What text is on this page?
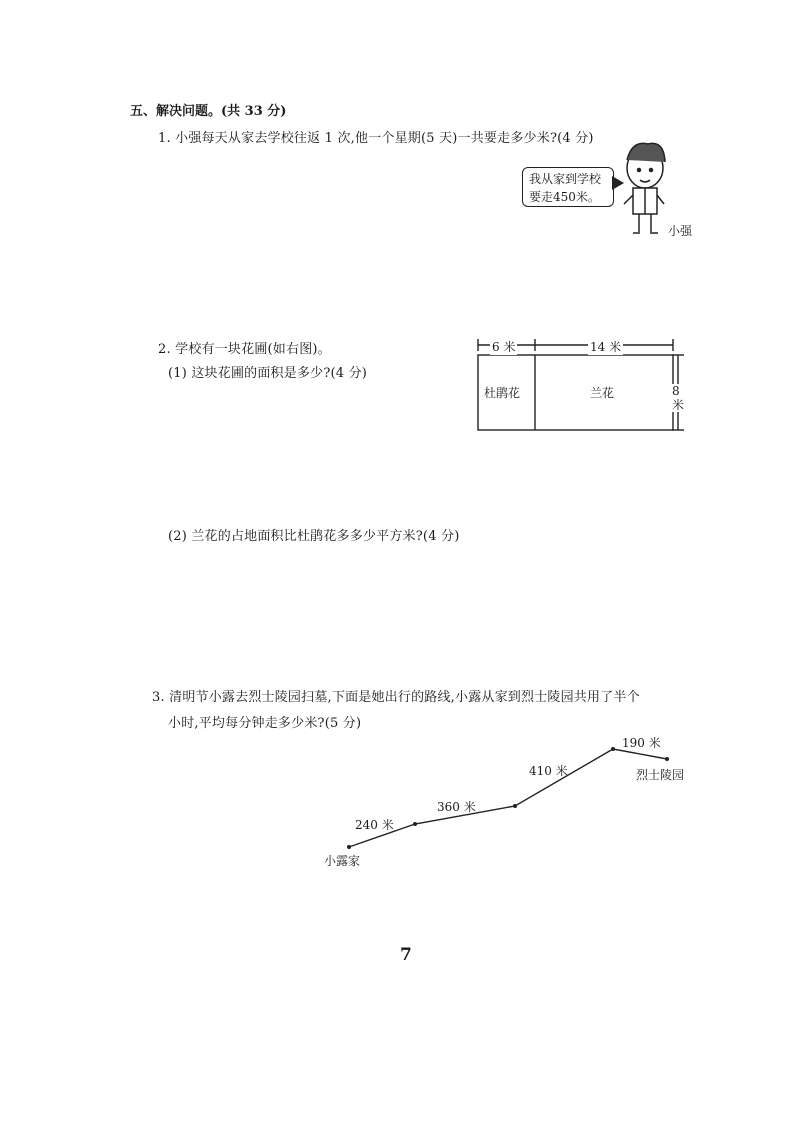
五、解决问题。(共 33 分)
1. 小强每天从家去学校往返 1 次,他一个星期(5 天)一共要走多少米?(4 分)
我从家到学校要走450米。
小强
2. 学校有一块花圃(如右图)。
(1) 这块花圃的面积是多少?(4 分)
(2) 兰花的占地面积比杜鹃花多多少平方米?(4 分)
6 米	14 米
8 米
杜鹃花	兰花
3. 清明节小露去烈士陵园扫墓,下面是她出行的路线,小露从家到烈士陵园共用了半个
小时,平均每分钟走多少米?(5 分)
240 米
360 米
410 米
190 米
小露家
烈士陵园
7
